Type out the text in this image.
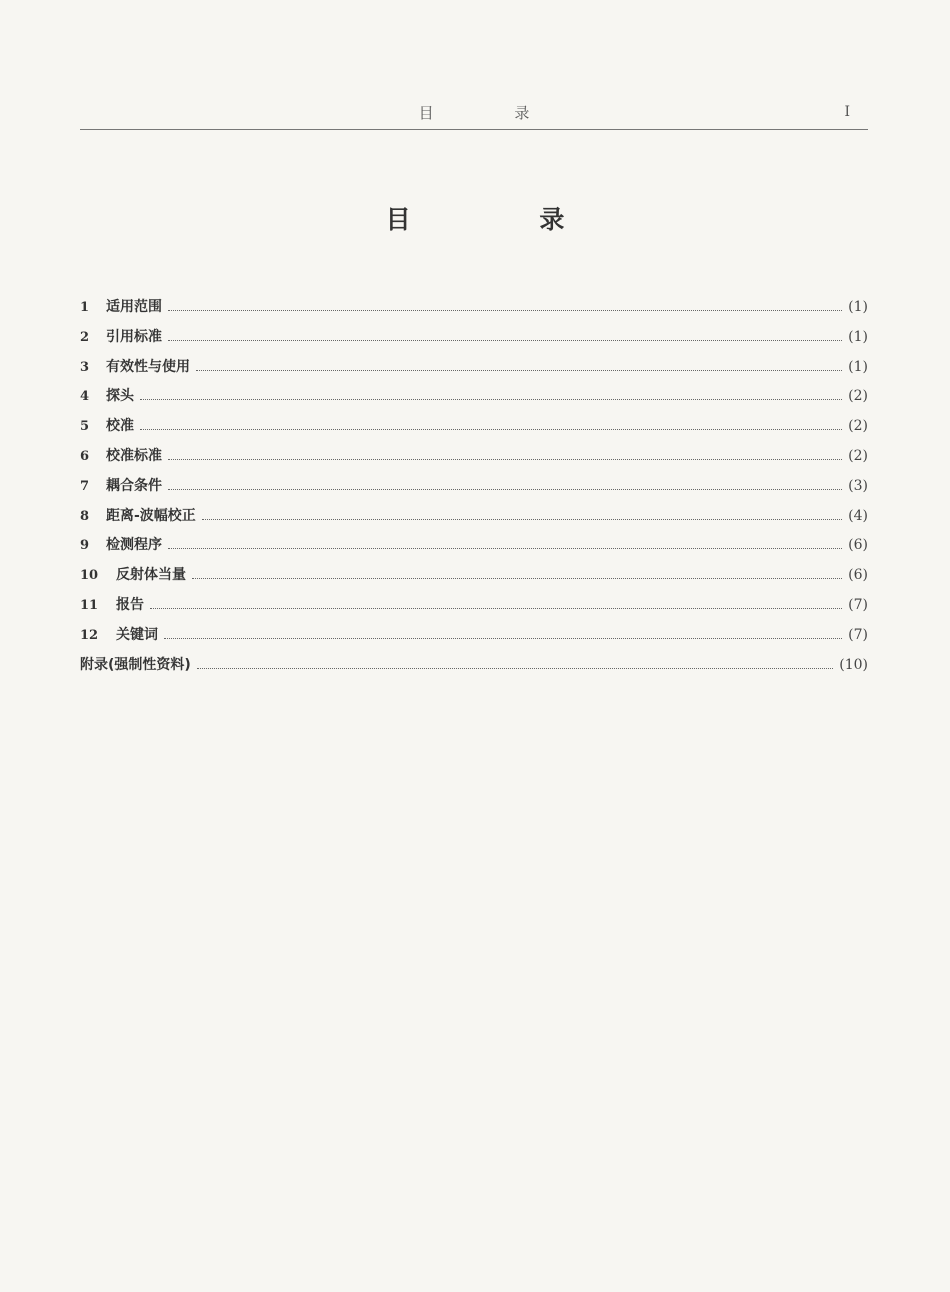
目 录	I
目 录
1	适用范围	(1)
2	引用标准	(1)
3	有效性与使用	(1)
4	探头	(2)
5	校准	(2)
6	校准标准	(2)
7	耦合条件	(3)
8	距离-波幅校正	(4)
9	检测程序	(6)
10	反射体当量	(6)
11	报告	(7)
12	关键词	(7)
附录(强制性资料)	(10)
